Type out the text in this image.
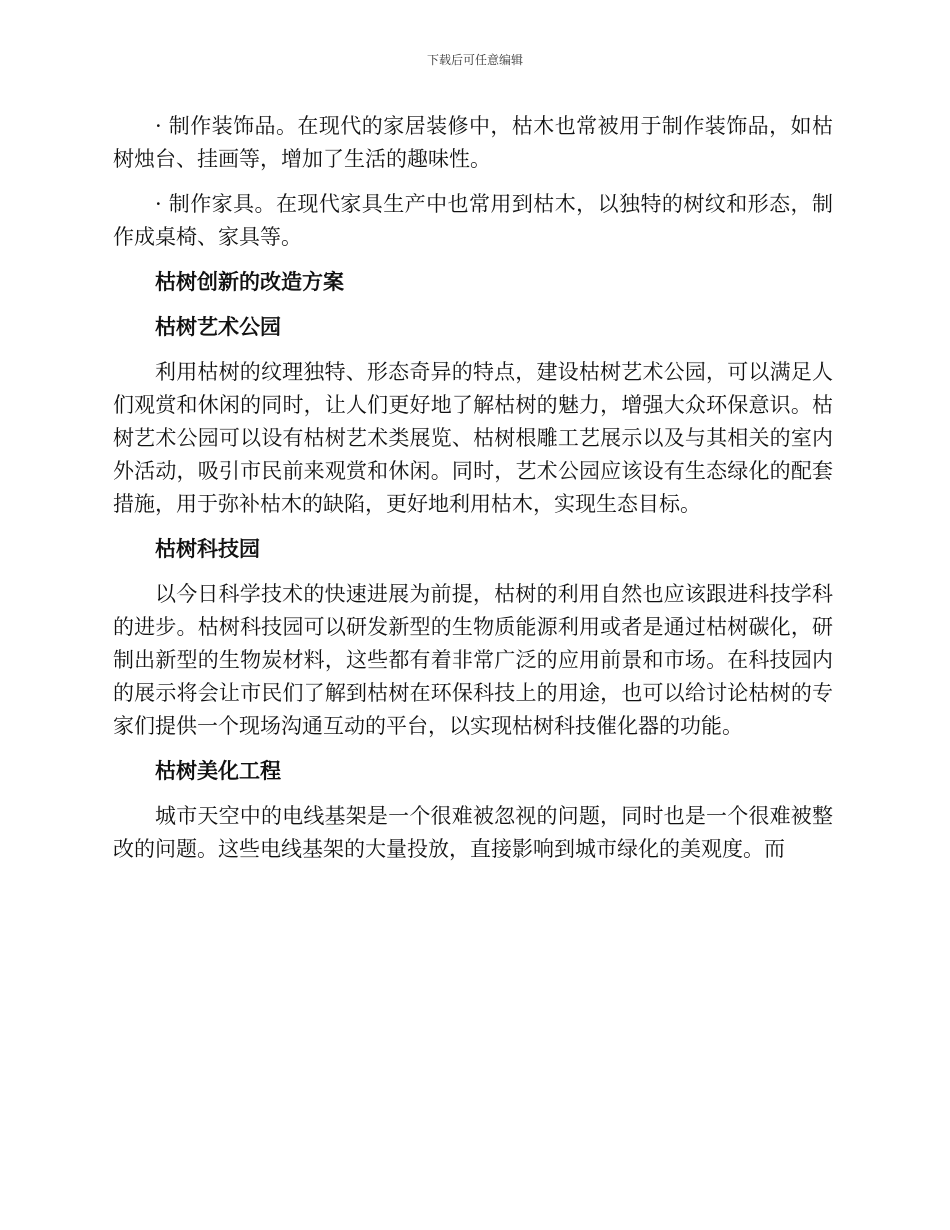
下载后可任意编辑

· 制作装饰品。在现代的家居装修中，枯木也常被用于制作装饰品，如枯树烛台、挂画等，增加了生活的趣味性。

· 制作家具。在现代家具生产中也常用到枯木，以独特的树纹和形态，制作成桌椅、家具等。

枯树创新的改造方案
枯树艺术公园

利用枯树的纹理独特、形态奇异的特点，建设枯树艺术公园，可以满足人们观赏和休闲的同时，让人们更好地了解枯树的魅力，增强大众环保意识。枯树艺术公园可以设有枯树艺术类展览、枯树根雕工艺展示以及与其相关的室内外活动，吸引市民前来观赏和休闲。同时，艺术公园应该设有生态绿化的配套措施，用于弥补枯木的缺陷，更好地利用枯木，实现生态目标。

枯树科技园

以今日科学技术的快速进展为前提，枯树的利用自然也应该跟进科技学科的进步。枯树科技园可以研发新型的生物质能源利用或者是通过枯树碳化，研制出新型的生物炭材料，这些都有着非常广泛的应用前景和市场。在科技园内的展示将会让市民们了解到枯树在环保科技上的用途，也可以给讨论枯树的专家们提供一个现场沟通互动的平台，以实现枯树科技催化器的功能。

枯树美化工程

城市天空中的电线基架是一个很难被忽视的问题，同时也是一个很难被整改的问题。这些电线基架的大量投放，直接影响到城市绿化的美观度。而
